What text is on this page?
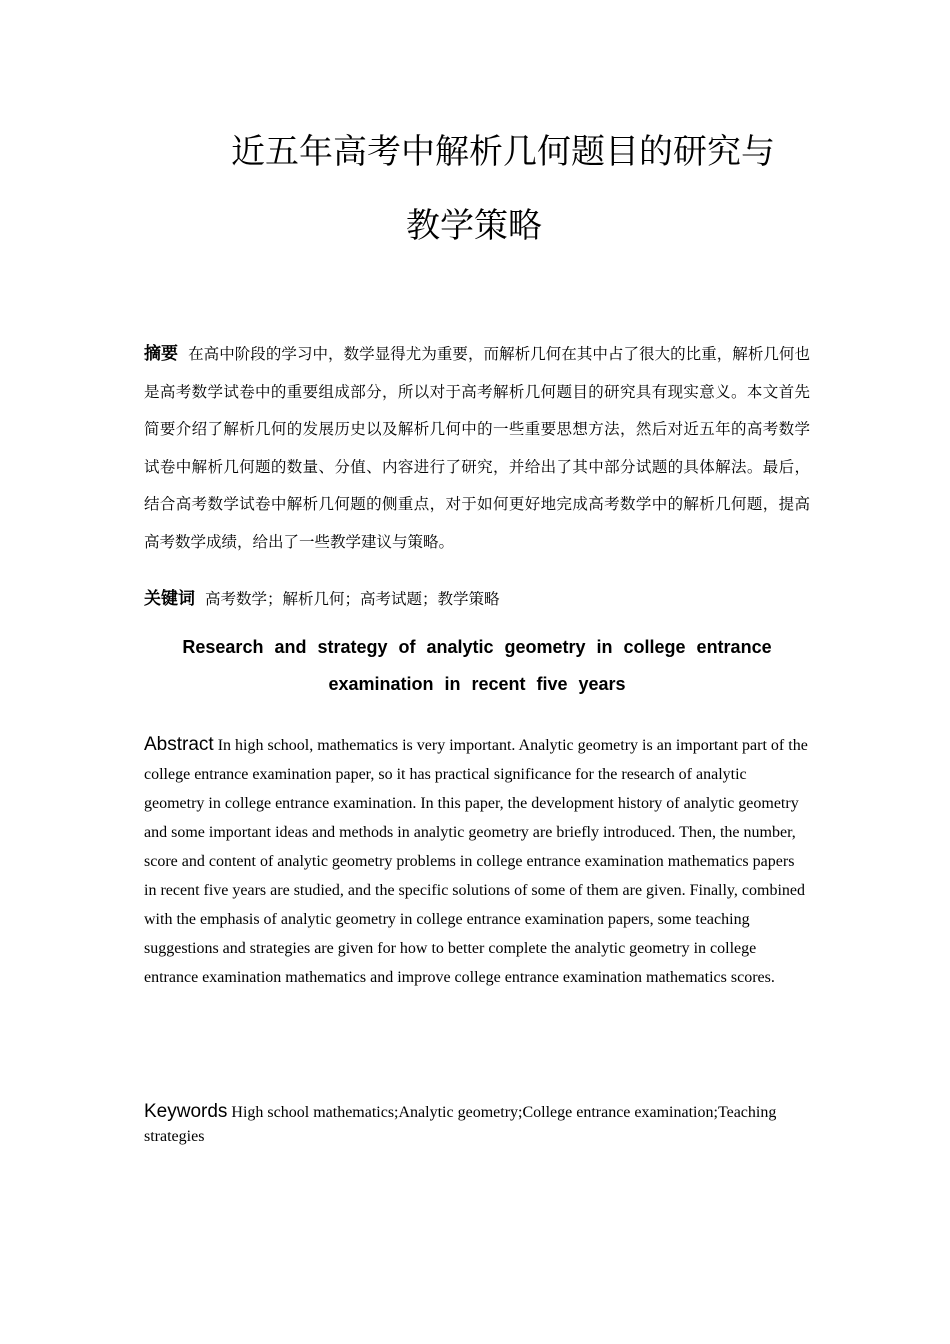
近五年高考中解析几何题目的研究与
教学策略
摘要 在高中阶段的学习中，数学显得尤为重要，而解析几何在其中占了很大的比重，解析几何也是高考数学试卷中的重要组成部分，所以对于高考解析几何题目的研究具有现实意义。本文首先简要介绍了解析几何的发展历史以及解析几何中的一些重要思想方法，然后对近五年的高考数学试卷中解析几何题的数量、分值、内容进行了研究，并给出了其中部分试题的具体解法。最后，结合高考数学试卷中解析几何题的侧重点，对于如何更好地完成高考数学中的解析几何题，提高高考数学成绩，给出了一些教学建议与策略。
关键词 高考数学；解析几何；高考试题；教学策略
Research and strategy of analytic geometry in college entrance
examination in recent five years
Abstract In high school, mathematics is very important. Analytic geometry is an important part of the college entrance examination paper, so it has practical significance for the research of analytic geometry in college entrance examination. In this paper, the development history of analytic geometry and some important ideas and methods in analytic geometry are briefly introduced. Then, the number, score and content of analytic geometry problems in college entrance examination mathematics papers in recent five years are studied, and the specific solutions of some of them are given. Finally, combined with the emphasis of analytic geometry in college entrance examination papers, some teaching suggestions and strategies are given for how to better complete the analytic geometry in college entrance examination mathematics and improve college entrance examination mathematics scores.
Keywords High school mathematics;Analytic geometry;College entrance examination;Teaching strategies
